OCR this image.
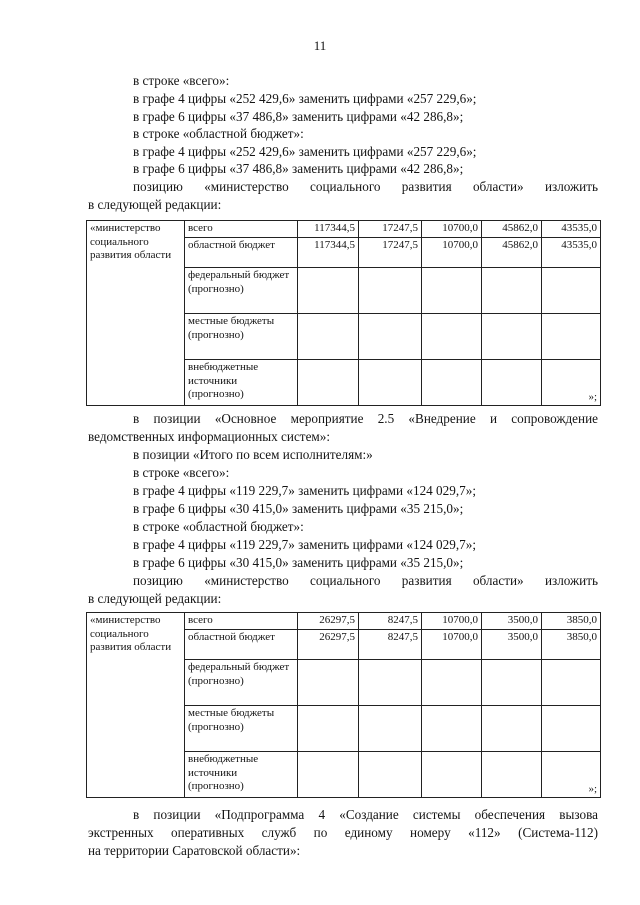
11
в строке «всего»:
в графе 4 цифры «252 429,6» заменить цифрами «257 229,6»;
в графе 6 цифры «37 486,8» заменить цифрами «42 286,8»;
в строке «областной бюджет»:
в графе 4 цифры «252 429,6» заменить цифрами «257 229,6»;
в графе 6 цифры «37 486,8» заменить цифрами «42 286,8»;
позицию «министерство социального развития области» изложить
в следующей редакции:
«министерство социального развития области	всего	117344,5	17247,5	10700,0	45862,0	43535,0
	областной бюджет	117344,5	17247,5	10700,0	45862,0	43535,0
	федеральный бюджет (прогнозно)					
	местные бюджеты (прогнозно)					
	внебюджетные источники (прогнозно)					»;
в позиции «Основное мероприятие 2.5 «Внедрение и сопровождение
ведомственных информационных систем»:
в позиции «Итого по всем исполнителям:»
в строке «всего»:
в графе 4 цифры «119 229,7» заменить цифрами «124 029,7»;
в графе 6 цифры «30 415,0» заменить цифрами «35 215,0»;
в строке «областной бюджет»:
в графе 4 цифры «119 229,7» заменить цифрами «124 029,7»;
в графе 6 цифры «30 415,0» заменить цифрами «35 215,0»;
позицию «министерство социального развития области» изложить
в следующей редакции:
«министерство социального развития области	всего	26297,5	8247,5	10700,0	3500,0	3850,0
	областной бюджет	26297,5	8247,5	10700,0	3500,0	3850,0
	федеральный бюджет (прогнозно)					
	местные бюджеты (прогнозно)					
	внебюджетные источники (прогнозно)					»;
в позиции «Подпрограмма 4 «Создание системы обеспечения вызова
экстренных оперативных служб по единому номеру «112» (Система-112)
на территории Саратовской области»:
